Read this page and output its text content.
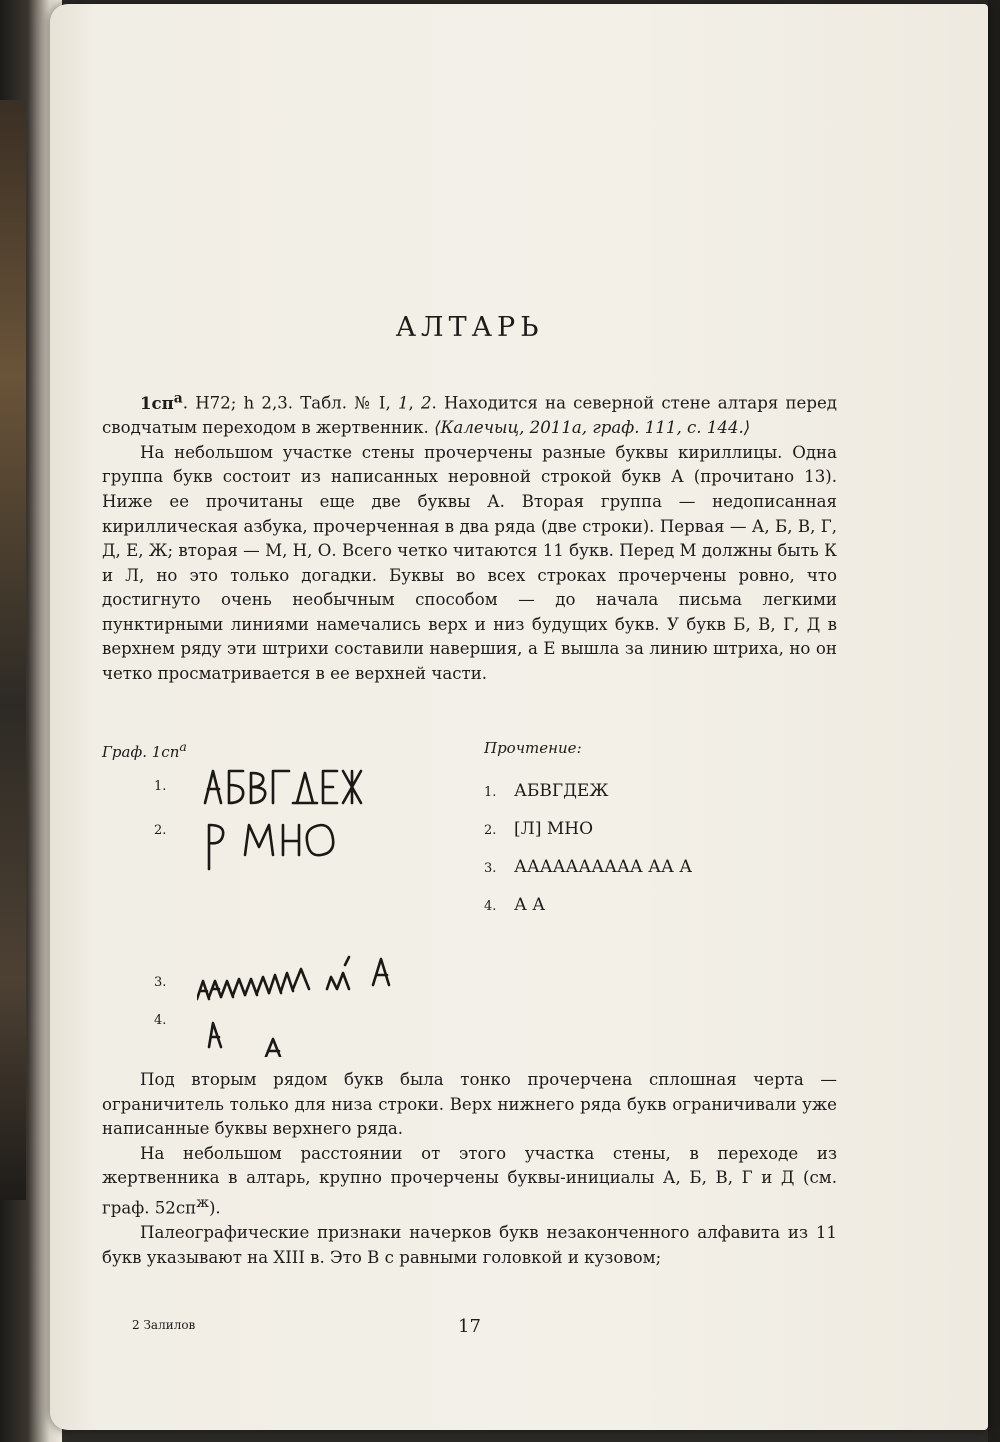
АЛТАРЬ

$1сп^а$. Н72; h 2,3. Табл. № I, 1, 2. Находится на северной стене алтаря перед сводчатым переходом в жертвенник. ⟨Калечыц, 2011а, граф. 111, с. 144.⟩

На небольшом участке стены прочерчены разные буквы кириллицы. Одна группа букв состоит из написанных неровной строкой букв А (прочитано 13). Ниже ее прочитаны еще две буквы А. Вторая группа — недописанная кириллическая азбука, прочерченная в два ряда (две строки). Первая — А, Б, В, Г, Д, Е, Ж; вторая — М, Н, О. Всего четко читаются 11 букв. Перед М должны быть К и Л, но это только догадки. Буквы во всех строках прочерчены ровно, что достигнуто очень необычным способом — до начала письма легкими пунктирными линиями намечались верх и низ будущих букв. У букв Б, В, Г, Д в верхнем ряду эти штрихи составили навершия, а Е вышла за линию штриха, но он четко просматривается в ее верхней части.

Граф. $1сп^а$
1.
2.
3.
4.
Прочтение:
1.	АБВГДЕЖ
2.	[Л] МНО
3.	АААААААААА АА А
4.	А А

Под вторым рядом букв была тонко прочерчена сплошная черта — ограничитель только для низа строки. Верх нижнего ряда букв ограничивали уже написанные буквы верхнего ряда.

На небольшом расстоянии от этого участка стены, в переходе из жертвенника в алтарь, крупно прочерчены буквы-инициалы А, Б, В, Г и Д (см. граф. $52сп^ж$).

Палеографические признаки начерков букв незаконченного алфавита из 11 букв указывают на XIII в. Это В с равными головкой и кузовом;

2 Залилов	17
